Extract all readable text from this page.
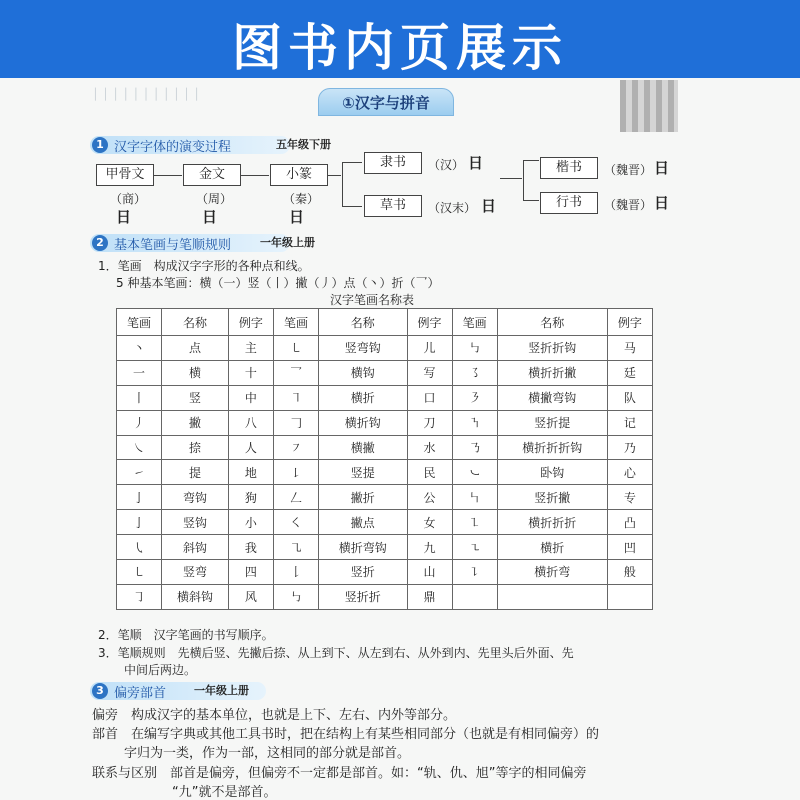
图书内页展示
│ │ │ │ │ │ │ │ │ │ │	①汉字与拼音
1 汉字字体的演变过程	五年级下册
甲骨文	金文	小篆
（商）	（周）	（秦）
日	日	日
隶书	（汉） 日
草书	（汉末） 日
楷书	（魏晋） 日
行书	（魏晋） 日
2 基本笔画与笔顺规则	一年级上册
1．笔画　构成汉字字形的各种点和线。
5 种基本笔画：横（一）竖（丨）撇（丿）点（丶）折（乛）
汉字笔画名称表
笔画	名称	例字	笔画	名称	例字	笔画	名称	例字
丶	点	主	㇄	竖弯钩	儿	㇉	竖折折钩	马
一	横	十	乛	横钩	写	㇌	横折折撇	廷
丨	竖	中	㇕	横折	口	㇋	横撇弯钩	队
丿	撇	八	𠃌	横折钩	刀	㇎	竖折提	记
㇏	捺	人	㇇	横撇	水	㇡	横折折折钩	乃
㇀	提	地	㇙	竖提	民	㇃	卧钩	心
亅	弯钩	狗	𠃋	撇折	公	㇞	竖折撇	专
亅	竖钩	小	㇛	撇点	女	㇅	横折折折	凸
㇂	斜钩	我	㇈	横折弯钩	九	㇍	横折	凹
㇄	竖弯	四	𠄌	竖折	山	㇊	横折弯	般
㇆	横斜钩	风	㇉	竖折折	鼎			
2．笔顺　汉字笔画的书写顺序。
3．笔顺规则　先横后竖、先撇后捺、从上到下、从左到右、从外到内、先里头后外面、先
中间后两边。
3 偏旁部首	一年级上册
偏旁　构成汉字的基本单位，也就是上下、左右、内外等部分。
部首　在编写字典或其他工具书时，把在结构上有某些相同部分（也就是有相同偏旁）的
字归为一类，作为一部，这相同的部分就是部首。
联系与区别　部首是偏旁，但偏旁不一定都是部首。如：“轨、仇、旭”等字的相同偏旁
“九”就不是部首。
